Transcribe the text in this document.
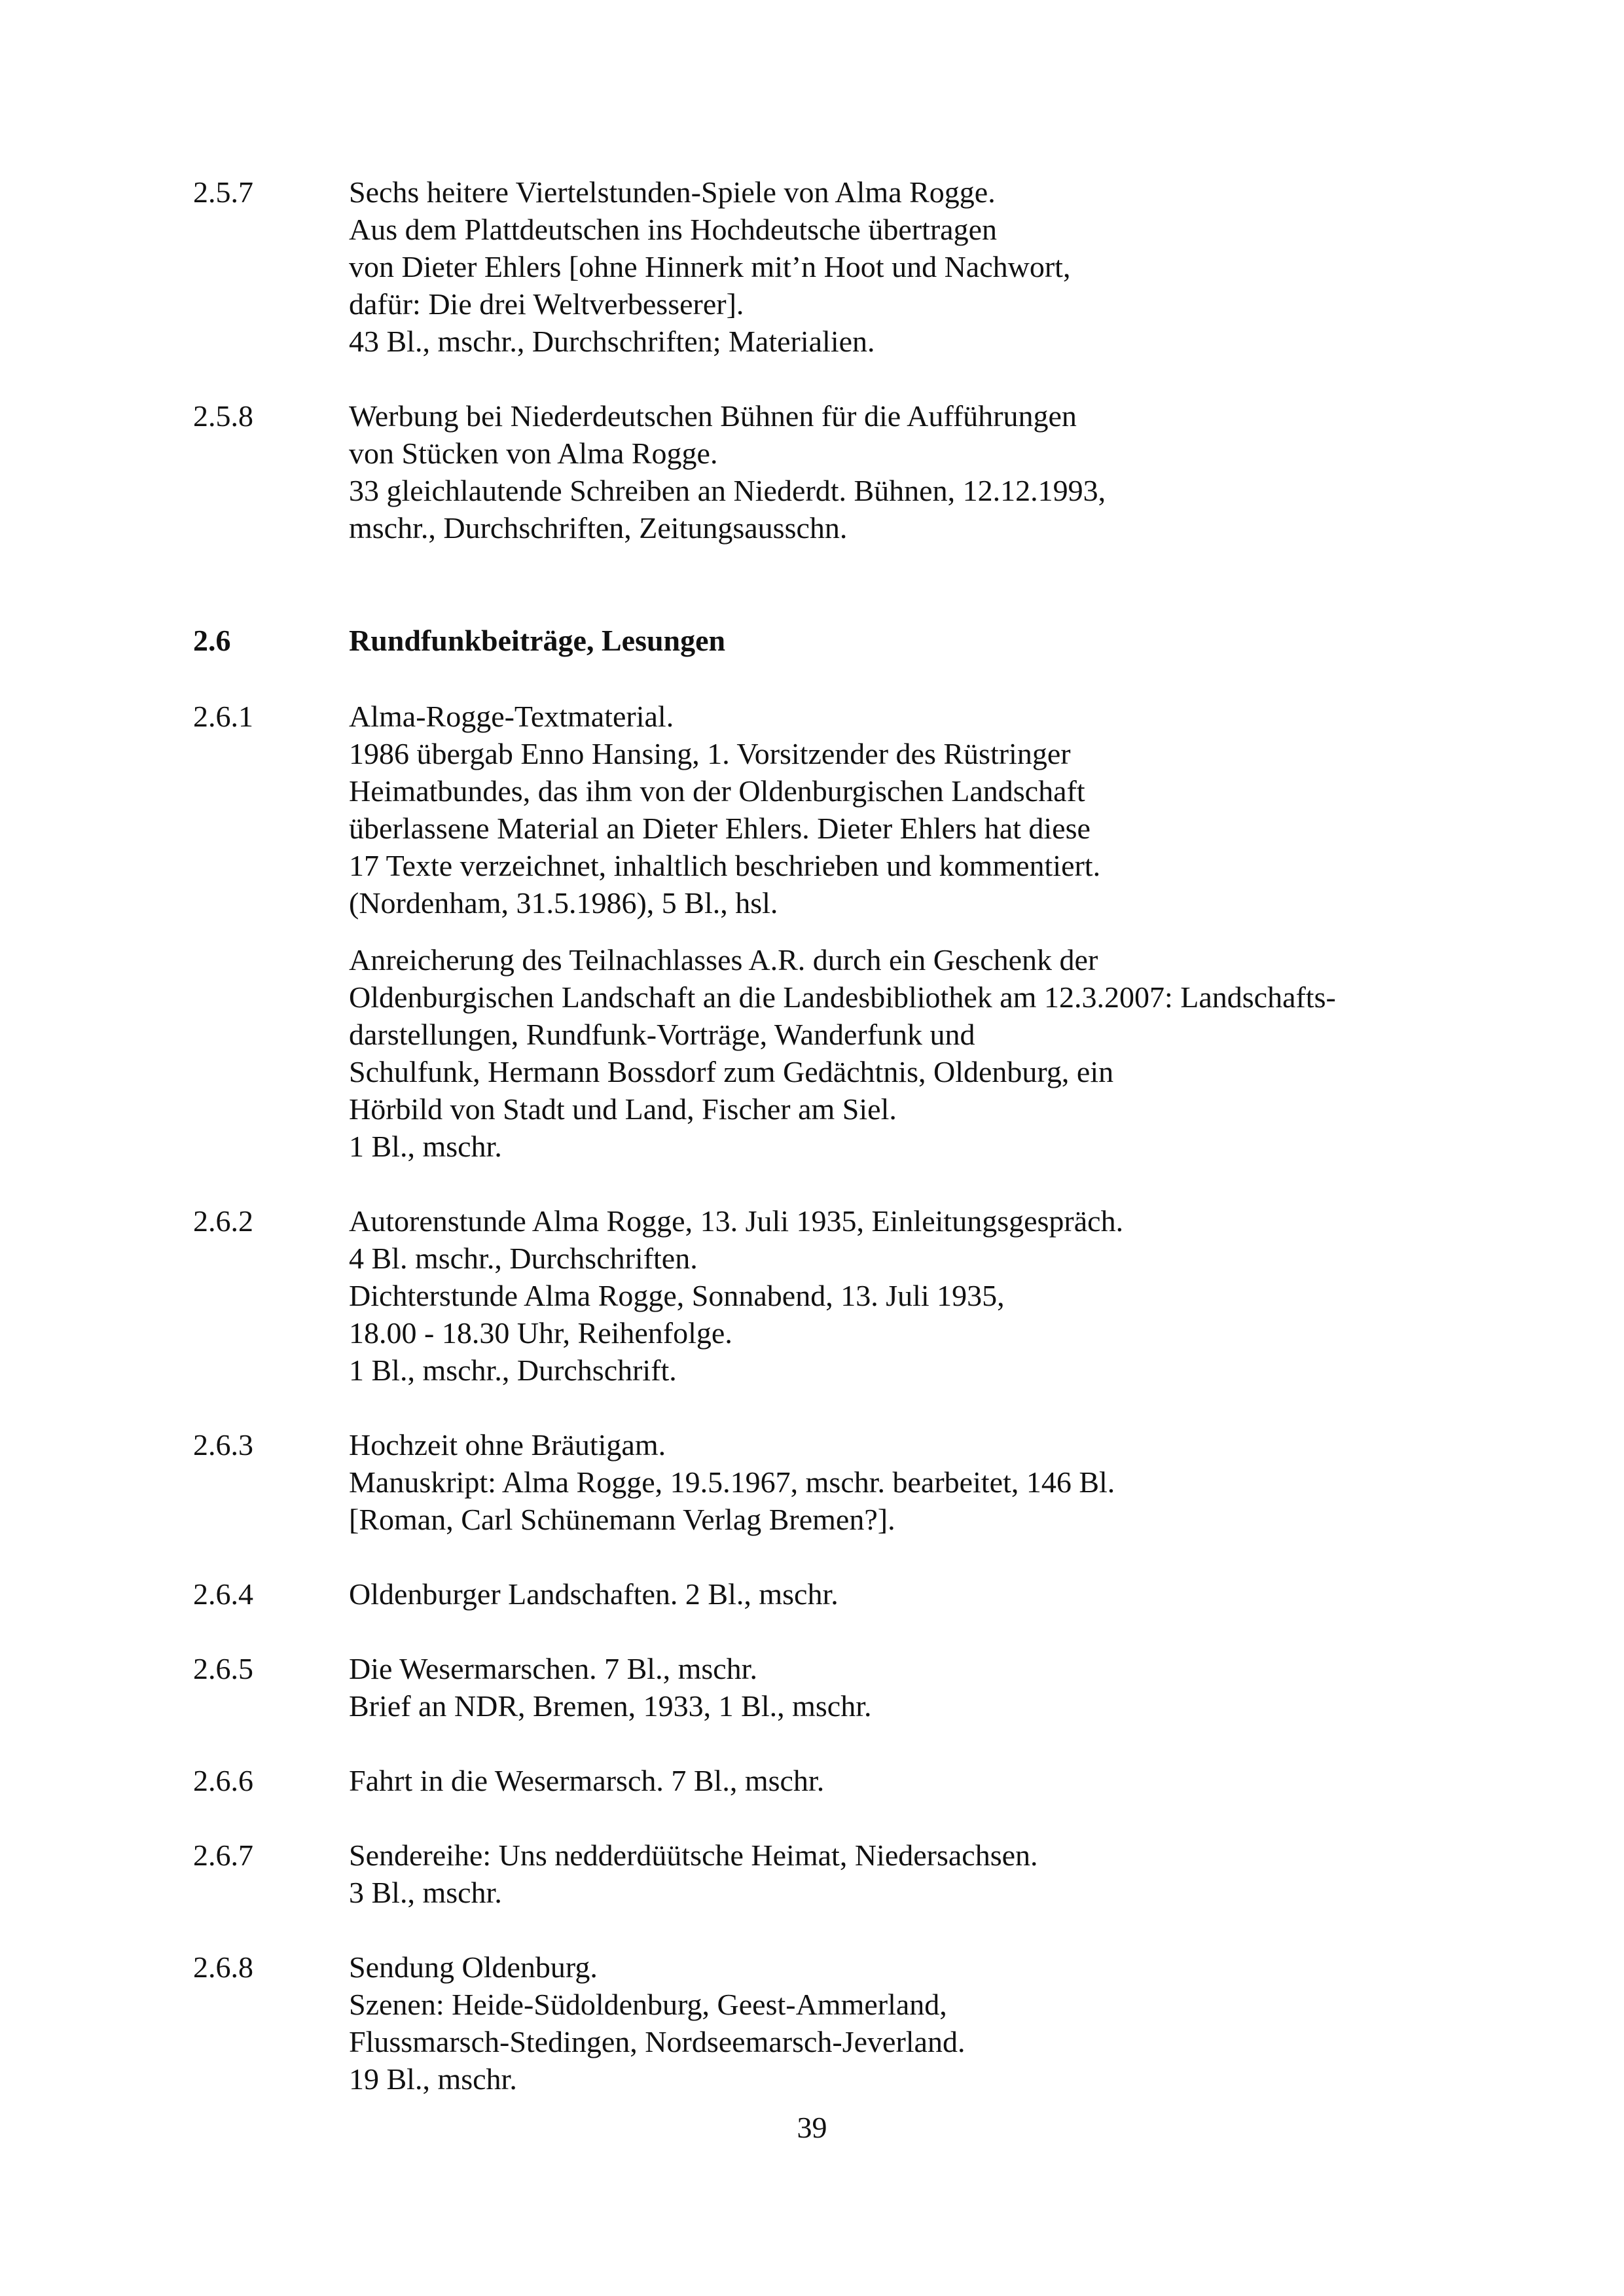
2.5.7	Sechs heitere Viertelstunden-Spiele von Alma Rogge.
Aus dem Plattdeutschen ins Hochdeutsche übertragen
von Dieter Ehlers [ohne Hinnerk mit’n Hoot und Nachwort,
dafür: Die drei Weltverbesserer].
43 Bl., mschr., Durchschriften; Materialien.
2.5.8	Werbung bei Niederdeutschen Bühnen für die Aufführungen
von Stücken von Alma Rogge.
33 gleichlautende Schreiben an Niederdt. Bühnen, 12.12.1993,
mschr., Durchschriften, Zeitungsausschn.
2.6	Rundfunkbeiträge, Lesungen
2.6.1	Alma-Rogge-Textmaterial.
1986 übergab Enno Hansing, 1. Vorsitzender des Rüstringer
Heimatbundes, das ihm von der Oldenburgischen Landschaft
überlassene Material an Dieter Ehlers. Dieter Ehlers hat diese
17 Texte verzeichnet, inhaltlich beschrieben und kommentiert.
(Nordenham, 31.5.1986), 5 Bl., hsl.
Anreicherung des Teilnachlasses A.R. durch ein Geschenk der
Oldenburgischen Landschaft an die Landesbibliothek am 12.3.2007: Landschafts-
darstellungen, Rundfunk-Vorträge, Wanderfunk und
Schulfunk, Hermann Bossdorf zum Gedächtnis, Oldenburg, ein
Hörbild von Stadt und Land, Fischer am Siel.
1 Bl., mschr.
2.6.2	Autorenstunde Alma Rogge, 13. Juli 1935, Einleitungsgespräch.
4 Bl. mschr., Durchschriften.
Dichterstunde Alma Rogge, Sonnabend, 13. Juli 1935,
18.00 - 18.30 Uhr, Reihenfolge.
1 Bl., mschr., Durchschrift.
2.6.3	Hochzeit ohne Bräutigam.
Manuskript: Alma Rogge, 19.5.1967, mschr. bearbeitet, 146 Bl.
[Roman, Carl Schünemann Verlag Bremen?].
2.6.4	Oldenburger Landschaften. 2 Bl., mschr.
2.6.5	Die Wesermarschen. 7 Bl., mschr.
Brief an NDR, Bremen, 1933, 1 Bl., mschr.
2.6.6	Fahrt in die Wesermarsch. 7 Bl., mschr.
2.6.7	Sendereihe: Uns nedderdüütsche Heimat, Niedersachsen.
3 Bl., mschr.
2.6.8	Sendung Oldenburg.
Szenen: Heide-Südoldenburg, Geest-Ammerland,
Flussmarsch-Stedingen, Nordseemarsch-Jeverland.
19 Bl., mschr.
39
